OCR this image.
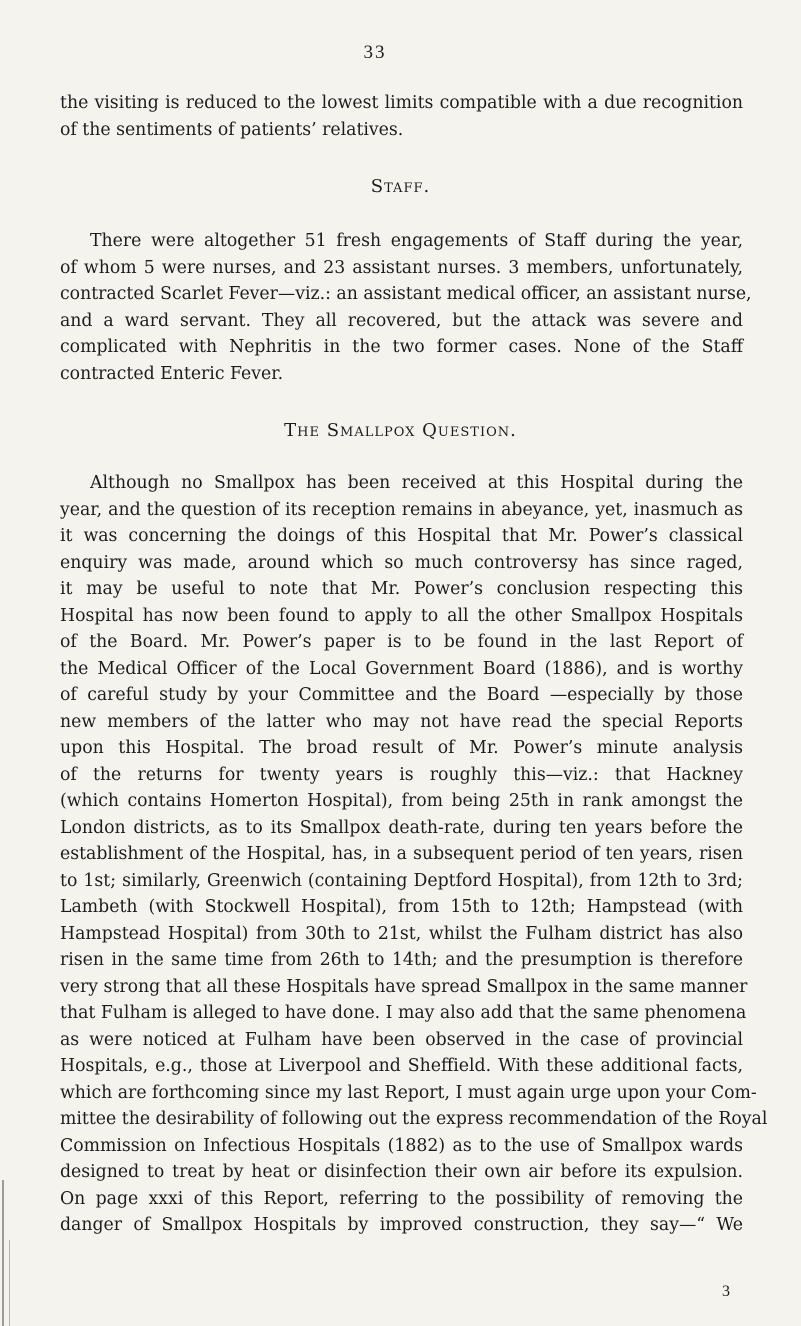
33
the visiting is reduced to the lowest limits compatible with a due recognition
of the sentiments of patients’ relatives.
Staff.
There were altogether 51 fresh engagements of Staff during the year,
of whom 5 were nurses, and 23 assistant nurses. 3 members, unfortunately,
contracted Scarlet Fever—viz.: an assistant medical officer, an assistant nurse,
and a ward servant. They all recovered, but the attack was severe and
complicated with Nephritis in the two former cases. None of the Staff
contracted Enteric Fever.
The Smallpox Question.
Although no Smallpox has been received at this Hospital during the
year, and the question of its reception remains in abeyance, yet, inasmuch as
it was concerning the doings of this Hospital that Mr. Power’s classical
enquiry was made, around which so much controversy has since raged,
it may be useful to note that Mr. Power’s conclusion respecting this
Hospital has now been found to apply to all the other Smallpox Hospitals
of the Board. Mr. Power’s paper is to be found in the last Report of
the Medical Officer of the Local Government Board (1886), and is worthy
of careful study by your Committee and the Board —especially by those
new members of the latter who may not have read the special Reports
upon this Hospital. The broad result of Mr. Power’s minute analysis
of the returns for twenty years is roughly this—viz.: that Hackney
(which contains Homerton Hospital), from being 25th in rank amongst the
London districts, as to its Smallpox death-rate, during ten years before the
establishment of the Hospital, has, in a subsequent period of ten years, risen
to 1st; similarly, Greenwich (containing Deptford Hospital), from 12th to 3rd;
Lambeth (with Stockwell Hospital), from 15th to 12th; Hampstead (with
Hampstead Hospital) from 30th to 21st, whilst the Fulham district has also
risen in the same time from 26th to 14th; and the presumption is therefore
very strong that all these Hospitals have spread Smallpox in the same manner
that Fulham is alleged to have done. I may also add that the same phenomena
as were noticed at Fulham have been observed in the case of provincial
Hospitals, e.g., those at Liverpool and Sheffield. With these additional facts,
which are forthcoming since my last Report, I must again urge upon your Com-
mittee the desirability of following out the express recommendation of the Royal
Commission on Infectious Hospitals (1882) as to the use of Smallpox wards
designed to treat by heat or disinfection their own air before its expulsion.
On page xxxi of this Report, referring to the possibility of removing the
danger of Smallpox Hospitals by improved construction, they say—“ We
3
